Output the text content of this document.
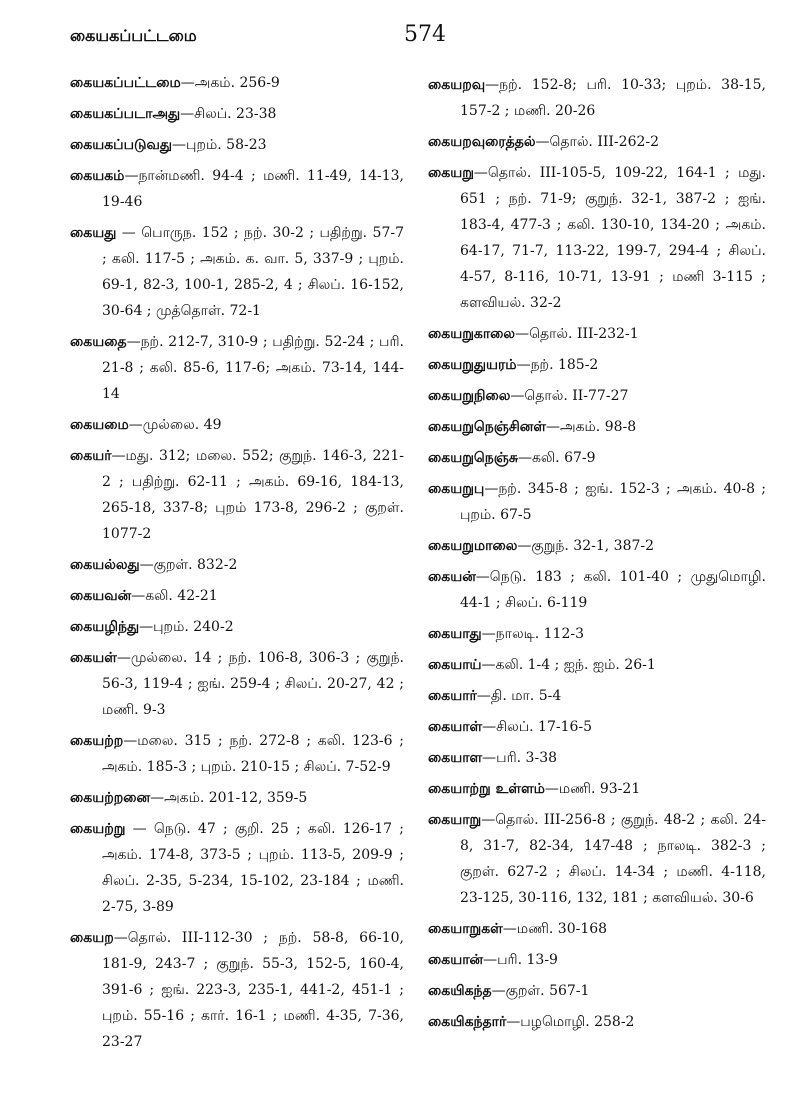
கையகப்பட்டமை	574
கையகப்பட்டமை—அகம். 256-9
கையகப்படாஅது—சிலப். 23-38
கையகப்படுவது—புறம். 58-23
கையகம்—நான்மணி. 94-4 ; மணி. 11-49, 14-13, 19-46
கையது — பொருந. 152 ; நற். 30-2 ; பதிற்று. 57-7 ; கலி. 117-5 ; அகம். க. வா. 5, 337-9 ; புறம். 69-1, 82-3, 100-1, 285-2, 4 ; சிலப். 16-152, 30-64 ; முத்தொள். 72-1
கையதை—நற். 212-7, 310-9 ; பதிற்று. 52-24 ; பரி. 21-8 ; கலி. 85-6, 117-6; அகம். 73-14, 144-14
கையமை—முல்லை. 49
கையர்—மது. 312; மலை. 552; குறுந். 146-3, 221-2 ; பதிற்று. 62-11 ; அகம். 69-16, 184-13, 265-18, 337-8; புறம் 173-8, 296-2 ; குறள். 1077-2
கையல்லது—குறள். 832-2
கையவன்—கலி. 42-21
கையழிந்து—புறம். 240-2
கையள்—முல்லை. 14 ; நற். 106-8, 306-3 ; குறுந். 56-3, 119-4 ; ஐங். 259-4 ; சிலப். 20-27, 42 ; மணி. 9-3
கையற்ற—மலை. 315 ; நற். 272-8 ; கலி. 123-6 ; அகம். 185-3 ; புறம். 210-15 ; சிலப். 7-52-9
கையற்றனை—அகம். 201-12, 359-5
கையற்று — நெடு. 47 ; குறி. 25 ; கலி. 126-17 ; அகம். 174-8, 373-5 ; புறம். 113-5, 209-9 ; சிலப். 2-35, 5-234, 15-102, 23-184 ; மணி. 2-75, 3-89
கையற—தொல். III-112-30 ; நற். 58-8, 66-10, 181-9, 243-7 ; குறுந். 55-3, 152-5, 160-4, 391-6 ; ஐங். 223-3, 235-1, 441-2, 451-1 ; புறம். 55-16 ; கார். 16-1 ; மணி. 4-35, 7-36, 23-27
கையறவு—நற். 152-8; பரி. 10-33; புறம். 38-15, 157-2 ; மணி. 20-26
கையறவுரைத்தல்—தொல். III-262-2
கையறு—தொல். III-105-5, 109-22, 164-1 ; மது. 651 ; நற். 71-9; குறுந். 32-1, 387-2 ; ஐங். 183-4, 477-3 ; கலி. 130-10, 134-20 ; அகம். 64-17, 71-7, 113-22, 199-7, 294-4 ; சிலப். 4-57, 8-116, 10-71, 13-91 ; மணி 3-115 ; களவியல். 32-2
கையறுகாலை—தொல். III-232-1
கையறுதுயரம்—நற். 185-2
கையறுநிலை—தொல். II-77-27
கையறுநெஞ்சினள்—அகம். 98-8
கையறுநெஞ்சு—கலி. 67-9
கையறுபு—நற். 345-8 ; ஐங். 152-3 ; அகம். 40-8 ; புறம். 67-5
கையறுமாலை—குறுந். 32-1, 387-2
கையன்—நெடு. 183 ; கலி. 101-40 ; முதுமொழி. 44-1 ; சிலப். 6-119
கையாது—நாலடி. 112-3
கையாய்—கலி. 1-4 ; ஐந். ஐம். 26-1
கையார்—தி. மா. 5-4
கையாள்—சிலப். 17-16-5
கையாள—பரி. 3-38
கையாற்று உள்ளம்—மணி. 93-21
கையாறு—தொல். III-256-8 ; குறுந். 48-2 ; கலி. 24-8, 31-7, 82-34, 147-48 ; நாலடி. 382-3 ; குறள். 627-2 ; சிலப். 14-34 ; மணி. 4-118, 23-125, 30-116, 132, 181 ; களவியல். 30-6
கையாறுகள்—மணி. 30-168
கையான்—பரி. 13-9
கையிகந்த—குறள். 567-1
கையிகந்தார்—பழமொழி. 258-2
